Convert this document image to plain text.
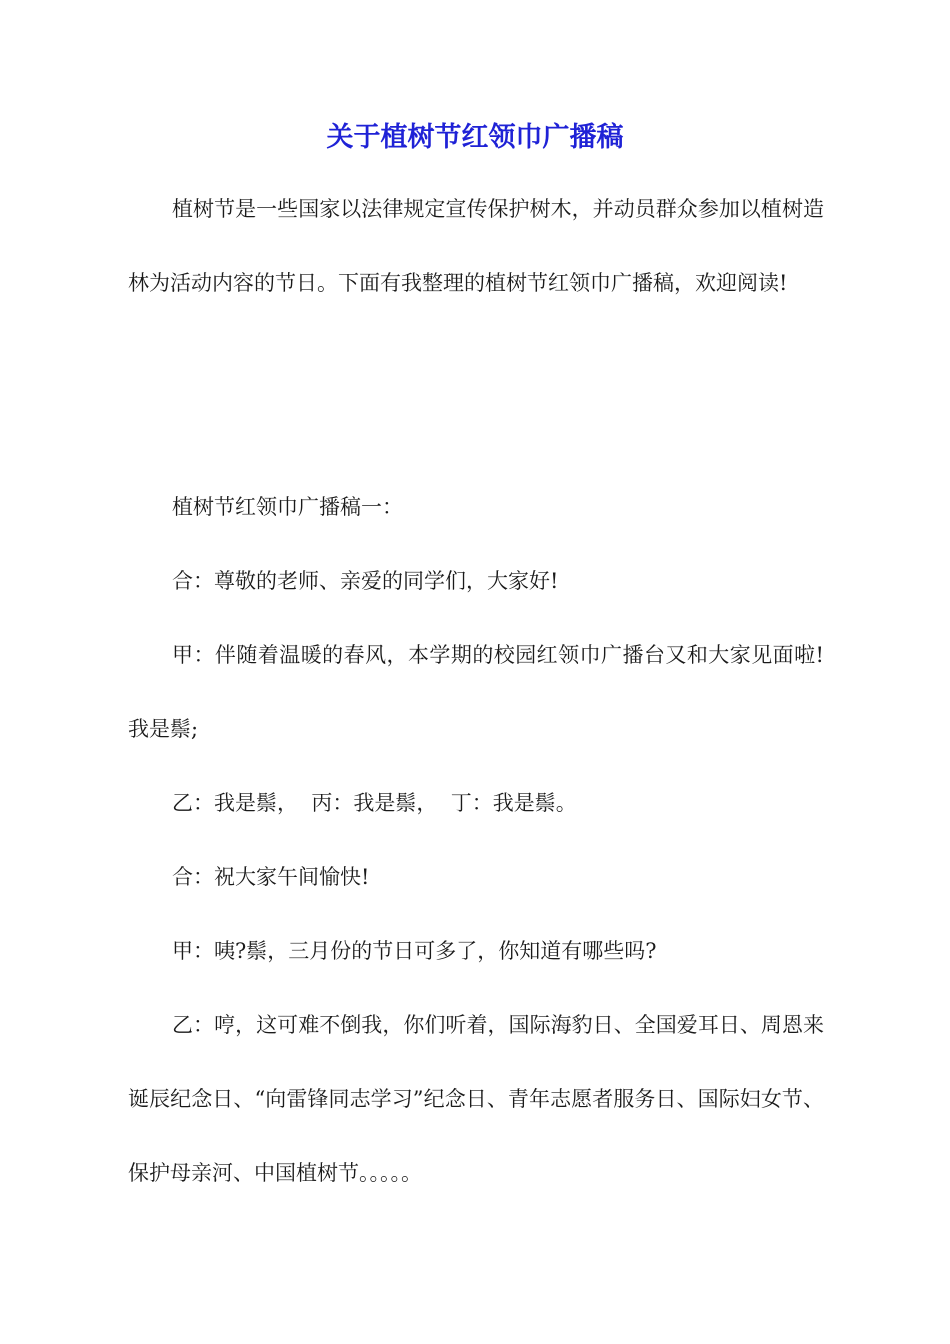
关于植树节红领巾广播稿

植树节是一些国家以法律规定宣传保护树木，并动员群众参加以植树造林为活动内容的节日。下面有我整理的植树节红领巾广播稿，欢迎阅读!

植树节红领巾广播稿一：

合：尊敬的老师、亲爱的同学们，大家好!

甲：伴随着温暖的春风，本学期的校园红领巾广播台又和大家见面啦!我是鬃;

乙：我是鬃，  丙：我是鬃，  丁：我是鬃。

合：祝大家午间愉快!

甲：咦?鬃，三月份的节日可多了，你知道有哪些吗?

乙：哼，这可难不倒我，你们听着，国际海豹日、全国爱耳日、周恩来诞辰纪念日、“向雷锋同志学习”纪念日、青年志愿者服务日、国际妇女节、保护母亲河、中国植树节。。。。。
